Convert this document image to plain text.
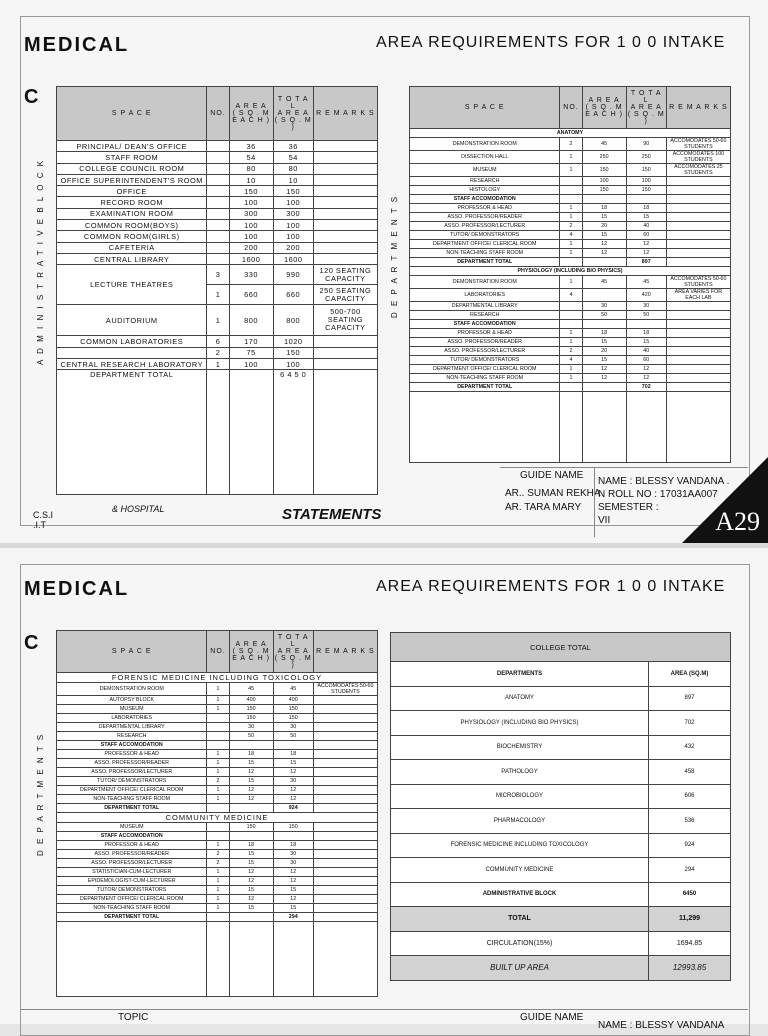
MEDICAL	AREA REQUIREMENTS FOR 1 0 0 INTAKE
C
A D M I N I S T R A T I V E B L O C K
S P A C E	NO.	A R E A
( S Q . M
E A C H )	T O T A L
A R E A
( S Q . M )	R E M A R K S
PRINCIPAL/ DEAN'S OFFICE		36	36	
STAFF ROOM		54	54	
COLLEGE COUNCIL ROOM		80	80	
OFFICE SUPERINTENDENT'S ROOM		10	10	
OFFICE		150	150	
RECORD ROOM		100	100	
EXAMINATION ROOM		300	300	
COMMON ROOM(BOYS)		100	100	
COMMON ROOM(GIRLS)		100	100	
CAFETERIA		200	200	
CENTRAL LIBRARY		1600	1600	
LECTURE THEATRES	3	330	990	120 SEATING CAPACITY
	1	660	660	250 SEATING CAPACITY
AUDITORIUM	1	800	800	500-700 SEATING CAPACITY
COMMON LABORATORIES	6	170	1020	
	2	75	150	
CENTRAL RESEARCH LABORATORY	1	100	100	
DEPARTMENT TOTAL			6 4 5 0	
D E P A R T M E N T S
S P A C E	NO.	A R E A
( S Q . M
E A C H )	T O T A L
A R E A
( S Q . M )	R E M A R K S
ANATOMY				
DEMONSTRATION ROOM	2	45	90	ACCOMODATES 50-60 STUDENTS
DISSECTION HALL	1	250	250	ACCOMODATES 100 STUDENTS
MUSEUM	1	150	150	ACCOMODATES 25 STUDENTS
RESEARCH		100	100	
HISTOLOGY		150	150	
STAFF ACCOMODATION				
PROFESSOR & HEAD	1	18	18	
ASSO. PROFESSOR/READER	1	15	15	
ASSO. PROFESSOR/LECTURER	2	20	40	
TUTOR/ DEMONSTRATORS	4	15	60	
DEPARTMENT OFFICE/ CLERICAL ROOM	1	12	12	
NON-TEACHING STAFF ROOM	1	12	12	
DEPARTMENT TOTAL			897	
PHYSIOLOGY (INCLUDING BIO PHYSICS)				
DEMONSTRATION ROOM	1	45	45	ACCOMODATES 50-60 STUDENTS
LABORATORIES	4		420	AREA VARIES FOR EACH LAB
DEPARTMENTAL LIBRARY		30	30	
RESEARCH		50	50	
STAFF ACCOMODATION				
PROFESSOR & HEAD	1	18	18	
ASSO. PROFESSOR/READER	1	15	15	
ASSO. PROFESSOR/LECTURER	2	20	40	
TUTOR/ DEMONSTRATORS	4	15	60	
DEPARTMENT OFFICE/ CLERICAL ROOM	1	12	12	
NON-TEACHING STAFF ROOM	1	12	12	
DEPARTMENT TOTAL			702	

GUIDE NAME
AR.. SUMAN REKHA
AR. TARA MARY
NAME : BLESSY VANDANA .
N ROLL NO : 17031AA007
SEMESTER :
VII
STATEMENTS
& HOSPITAL
C.S.I
.I.T	A29
MEDICAL	AREA REQUIREMENTS FOR 1 0 0 INTAKE
C
D E P A R T M E N T S
S P A C E	NO.	A R E A
( S Q . M
E A C H )	T O T A L
A R E A
( S Q . M )	R E M A R K S
FORENSIC MEDICINE INCLUDING TOXICOLOGY				
DEMONSTRATION ROOM	1	45	45	ACCOMODATES 50-60 STUDENTS
AUTOPSY BLOCK	1	400	400	
MUSEUM	1	150	150	
LABORATORIES		150	150	
DEPARTMENTAL LIBRARY		30	30	
RESEARCH		50	50	
STAFF ACCOMODATION				
PROFESSOR & HEAD	1	18	18	
ASSO. PROFESSOR/READER	1	15	15	
ASSO. PROFESSOR/LECTURER	1	12	12	
TUTOR/ DEMONSTRATORS	2	15	30	
DEPARTMENT OFFICE/ CLERICAL ROOM	1	12	12	
NON-TEACHING STAFF ROOM	1	12	12	
DEPARTMENT TOTAL			924	
COMMUNITY MEDICINE				
MUSEUM		150	150	
STAFF ACCOMODATION				
PROFESSOR & HEAD	1	18	18	
ASSO. PROFESSOR/READER	2	15	30	
ASSO. PROFESSOR/LECTURER	2	15	30	
STATISTICIAN-CUM-LECTURER	1	12	12	
EPIDEMOLOGIST-CUM-LECTURER	1	12	12	
TUTOR/ DEMONSTRATORS	1	15	15	
DEPARTMENT OFFICE/ CLERICAL ROOM	1	12	12	
NON-TEACHING STAFF ROOM	1	15	15	
DEPARTMENT TOTAL			294	

COLLEGE TOTAL	
DEPARTMENTS	AREA (SQ.M)
ANATOMY	897
PHYSIOLOGY (INCLUDING BIO PHYSICS)	702
BIOCHEMISTRY	432
PATHOLOGY	458
MICROBIOLOGY	606
PHARMACOLOGY	536
FORENSIC MEDICINE INCLUDING TOXICOLOGY	924
COMMUNITY MEDICINE	294
ADMINISTRATIVE BLOCK	6450
TOTAL	11,299
CIRCULATION(15%)	1694.85
BUILT UP AREA	12993.85
TOPIC	GUIDE NAME
NAME : BLESSY VANDANA
